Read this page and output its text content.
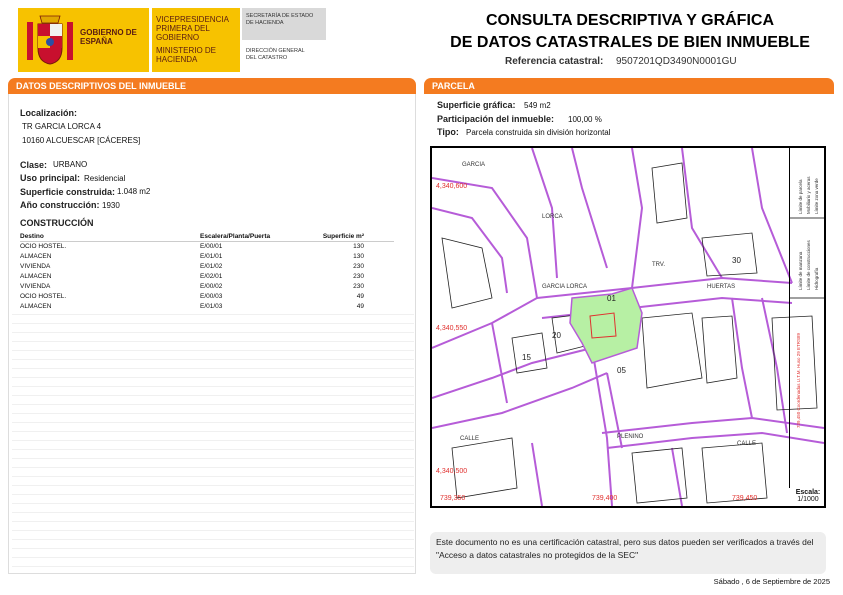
GOBIERNO DE ESPAÑA
VICEPRESIDENCIA PRIMERA DEL GOBIERNO
MINISTERIO DE HACIENDA
SECRETARÍA DE ESTADO DE HACIENDA
DIRECCIÓN GENERAL DEL CATASTRO
CONSULTA DESCRIPTIVA Y GRÁFICA
DE DATOS CATASTRALES DE BIEN INMUEBLE
Referencia catastral: 9507201QD3490N0001GU
DATOS DESCRIPTIVOS DEL INMUEBLE
Localización:
TR GARCIA LORCA 4
10160 ALCUESCAR [CÁCERES]
Clase: URBANO
Uso principal: Residencial
Superficie construida: 1.048 m2
Año construcción: 1930
CONSTRUCCIÓN
Destino	Escalera/Planta/Puerta	Superficie m²
OCIO HOSTEL.	E/00/01	130
ALMACEN	E/01/01	130
VIVIENDA	E/01/02	230
ALMACEN	E/02/01	230
VIVIENDA	E/00/02	230
OCIO HOSTEL.	E/00/03	49
ALMACEN	E/01/03	49
PARCELA
Superficie gráfica: 549 m2
Participación del inmueble: 100,00 %
Tipo: Parcela construida sin división horizontal
4,340,600
4,340,550
4,340,500
739,350	739,400	739,450
GARCIA
LORCA
TRV.
GARCIA LORCA	HUERTAS
PLENINO
CALLE
CALLE
01
20
15
05
30
739,450 Coordenadas U.T.M. Huso 29 ETRS89
Límite de manzana Límite de construcciones
Límite de parcela Mobiliario y aceras Límite zona verde
Hidrografía
Escala:
1/1000
Este documento no es una certificación catastral, pero sus datos pueden ser verificados a través del "Acceso a datos catastrales no protegidos de la SEC"
Sábado , 6 de Septiembre de 2025
